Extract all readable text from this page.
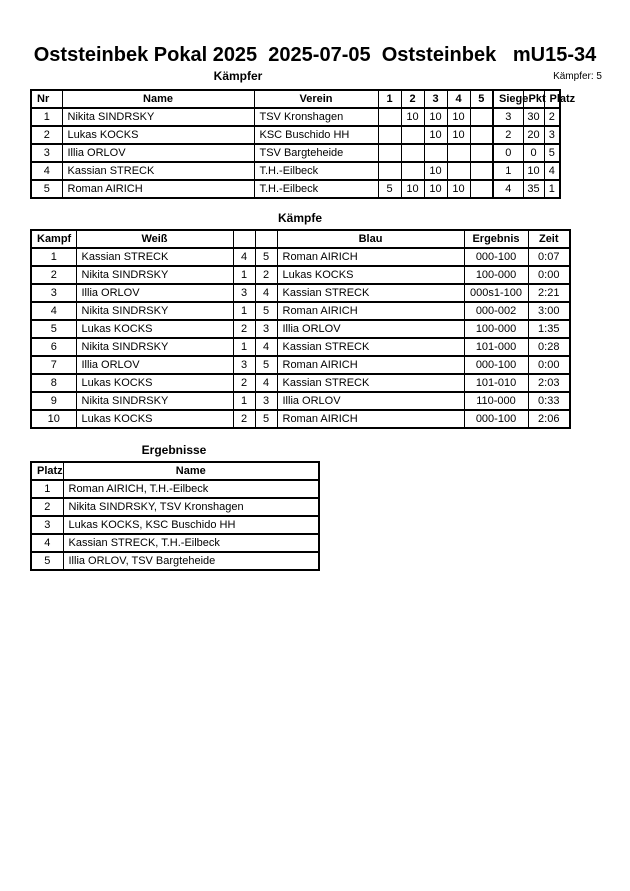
Oststeinbek Pokal 2025  2025-07-05  Oststeinbek   mU15-34
Kämpfer	Kämpfer: 5
Nr	Name	Verein	1	2	3	4	5	Siege	Pkt	Platz
1	Nikita SINDRSKY	TSV Kronshagen		10	10	10		3	30	2
2	Lukas KOCKS	KSC Buschido HH			10	10		2	20	3
3	Illia ORLOV	TSV Bargteheide						0	0	5
4	Kassian STRECK	T.H.-Eilbeck			10			1	10	4
5	Roman AIRICH	T.H.-Eilbeck	5	10	10	10		4	35	1
Kämpfe
Kampf	Weiß			Blau	Ergebnis	Zeit
1	Kassian STRECK	4	5	Roman AIRICH	000-100	0:07
2	Nikita SINDRSKY	1	2	Lukas KOCKS	100-000	0:00
3	Illia ORLOV	3	4	Kassian STRECK	000s1-100	2:21
4	Nikita SINDRSKY	1	5	Roman AIRICH	000-002	3:00
5	Lukas KOCKS	2	3	Illia ORLOV	100-000	1:35
6	Nikita SINDRSKY	1	4	Kassian STRECK	101-000	0:28
7	Illia ORLOV	3	5	Roman AIRICH	000-100	0:00
8	Lukas KOCKS	2	4	Kassian STRECK	101-010	2:03
9	Nikita SINDRSKY	1	3	Illia ORLOV	110-000	0:33
10	Lukas KOCKS	2	5	Roman AIRICH	000-100	2:06
Ergebnisse
Platz	Name
1	Roman AIRICH, T.H.-Eilbeck
2	Nikita SINDRSKY, TSV Kronshagen
3	Lukas KOCKS, KSC Buschido HH
4	Kassian STRECK, T.H.-Eilbeck
5	Illia ORLOV, TSV Bargteheide
